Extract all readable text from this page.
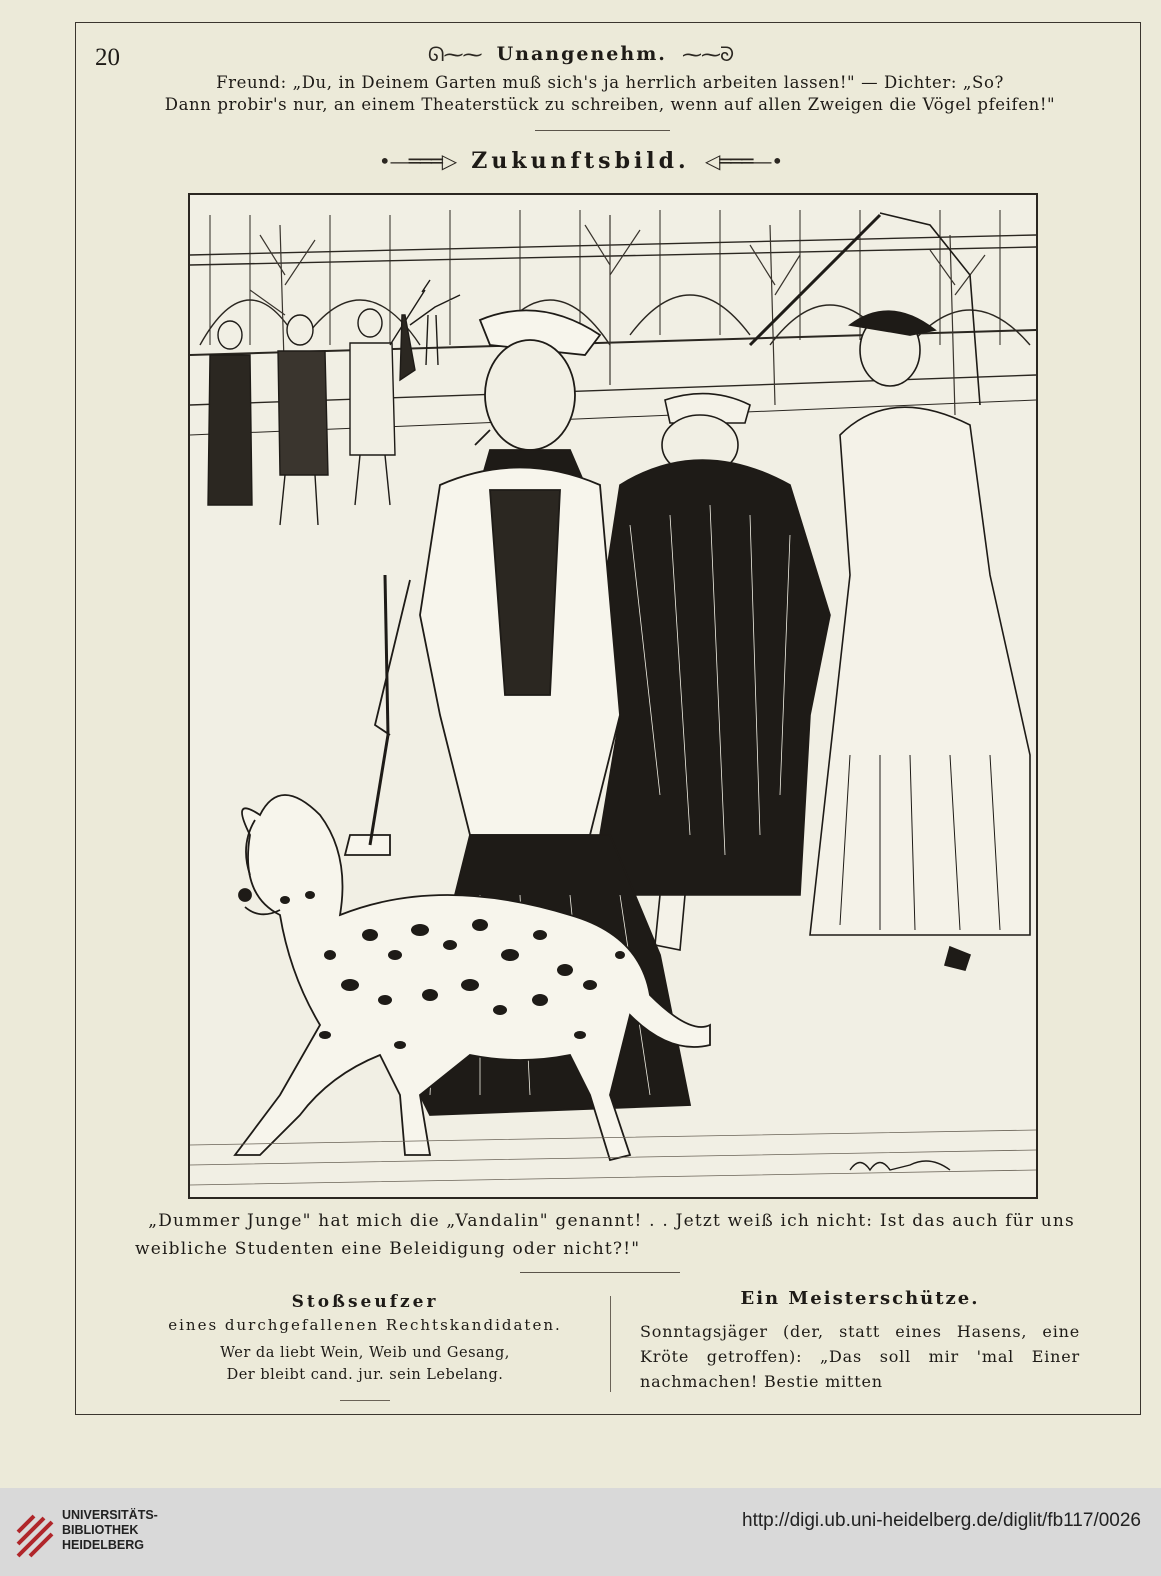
20	ᘏ⁓⁓ Unangenehm. ⁓⁓ᘐ
Freund: „Du, in Deinem Garten muß sich's ja herrlich arbeiten lassen!" — Dichter: „So?
Dann probir's nur, an einem Theaterstück zu schreiben, wenn auf allen Zweigen die Vögel pfeifen!"
•—═══▷ Zukunftsbild. ◁═══—•
„Dummer Junge" hat mich die „Vandalin" genannt! . . Jetzt weiß ich nicht: Ist das auch für uns
weibliche Studenten eine Beleidigung oder nicht?!"
Stoßseufzer
eines durchgefallenen Rechtskandidaten.
Wer da liebt Wein, Weib und Gesang,
Der bleibt cand. jur. sein Lebelang.
Ein Meisterschütze.
Sonntagsjäger (der, statt eines Hasens, eine Kröte getroffen): „Das soll mir 'mal Einer nachmachen! Bestie mitten
UNIVERSITÄTS-
BIBLIOTHEK
HEIDELBERG
http://digi.ub.uni-heidelberg.de/diglit/fb117/0026
